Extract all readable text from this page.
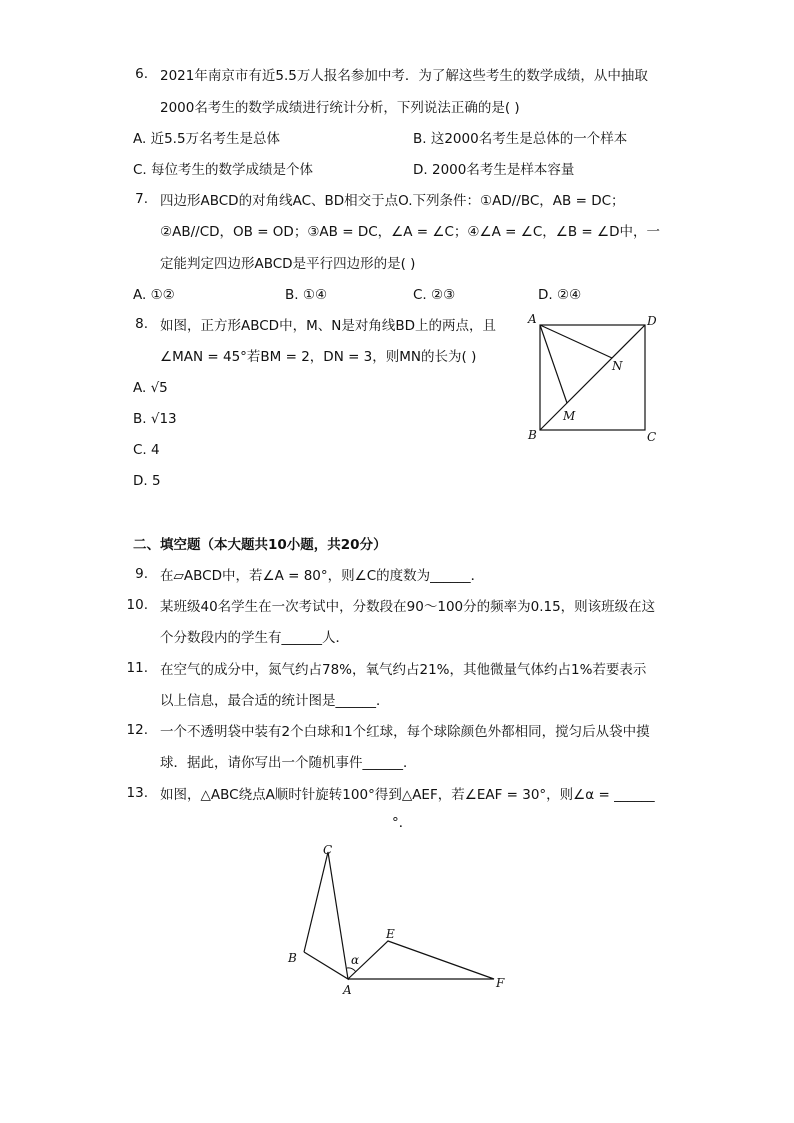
6. 2021年南京市有近5.5万人报名参加中考．为了解这些考生的数学成绩，从中抽取
2000名考生的数学成绩进行统计分析，下列说法正确的是( )
A. 近5.5万名考生是总体	B. 这2000名考生是总体的一个样本
C. 每位考生的数学成绩是个体	D. 2000名考生是样本容量
7. 四边形ABCD的对角线AC、BD相交于点O.下列条件：①AD//BC，AB = DC；
②AB//CD，OB = OD；③AB = DC，∠A = ∠C；④∠A = ∠C，∠B = ∠D中，一
定能判定四边形ABCD是平行四边形的是( )
A. ①②	B. ①④	C. ②③	D. ②④
8. 如图，正方形ABCD中，M、N是对角线BD上的两点，且
∠MAN = 45°若BM = 2，DN = 3，则MN的长为( )
A. √5
B. √13
C. 4
D. 5
A	D
B	C
M
N
二、填空题（本大题共10小题，共20分）
9. 在▱ABCD中，若∠A = 80°，则∠C的度数为______．
10. 某班级40名学生在一次考试中，分数段在90～100分的频率为0.15，则该班级在这
个分数段内的学生有______人．
11. 在空气的成分中，氮气约占78%，氧气约占21%，其他微量气体约占1%若要表示
以上信息，最合适的统计图是______．
12. 一个不透明袋中装有2个白球和1个红球，每个球除颜色外都相同，搅匀后从袋中摸
球．据此，请你写出一个随机事件______．
13. 如图，△ABC绕点A顺时针旋转100°得到△AEF，若∠EAF = 30°，则∠α = ______
°．
C
B
A
E
F
α
